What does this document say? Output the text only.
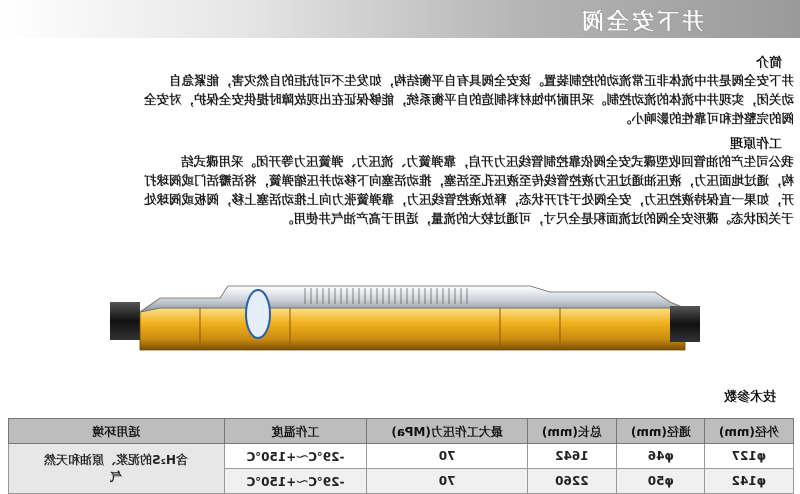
井下安全阀
简介
井下安全阀是井中流体非正常流动的控制装置。该安全阀具有自平衡结构，如发生不可抗拒的自然灾害，能紧急自
动关闭，实现井中流体的流动控制。采用耐冲蚀材料制造的自平衡系统，能够保证在出现故障时提供安全保护，对安全
阀的完整性和可靠性的影响小。
工作原理
我公司生产的油管回收型碟式安全阀依靠控制管线压力开启，靠弹簧力、流压力、弹簧压力等开闭。采用碟式结
构，通过地面压力，液压油通过压力液控管线传至液压孔至活塞，推动活塞向下移动并压缩弹簧，将活瓣活门或阀球打
开，如果一直保持液控压力，安全阀处于打开状态，释放液控管线压力，靠弹簧张力向上推动活塞上移，阀板或阀球处
于关闭状态。碟形安全阀的过流面积是全尺寸，可通过较大的流量，适用于高产油气井使用。
技术参数
适用环境	工作温度	最大工作压力(MPa)	总长(mm)	通径(mm)	外径(mm)

含H₂S的泥浆、原油和天然气	-29℃～+150℃	70	1642	φ46	φ127

	-29℃～+150℃	70	2260	φ50	φ142
